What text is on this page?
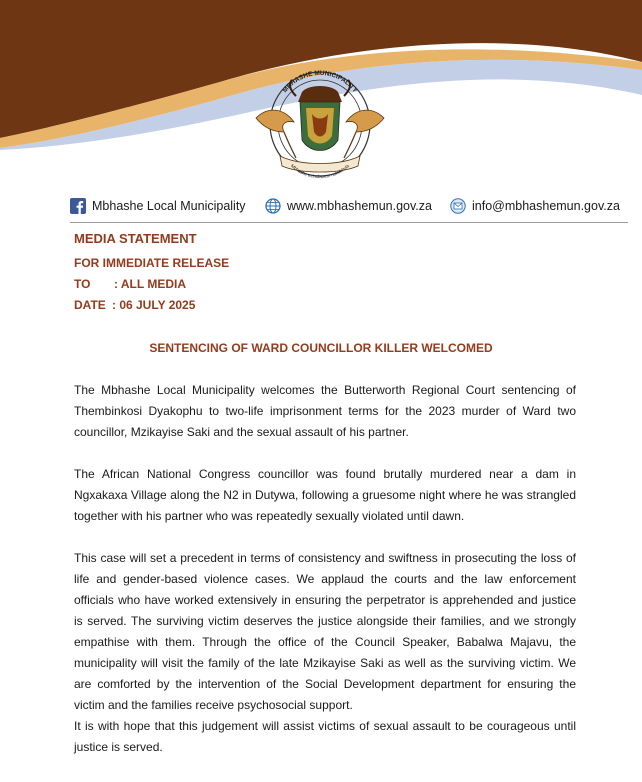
MBHASHE MUNICIPALITY
Mbhashe ezindlaneni nokukhula
Mbhashe Local Municipality	www.mbhashemun.gov.za	info@mbhashemun.gov.za
MEDIA STATEMENT

FOR IMMEDIATE RELEASE

TO : ALL MEDIA

DATE : 06 JULY 2025

SENTENCING OF WARD COUNCILLOR KILLER WELCOMED

The Mbhashe Local Municipality welcomes the Butterworth Regional Court sentencing of Thembinkosi Dyakophu to two-life imprisonment terms for the 2023 murder of Ward two councillor, Mzikayise Saki and the sexual assault of his partner.

The African National Congress councillor was found brutally murdered near a dam in Ngxakaxa Village along the N2 in Dutywa, following a gruesome night where he was strangled together with his partner who was repeatedly sexually violated until dawn.

This case will set a precedent in terms of consistency and swiftness in prosecuting the loss of life and gender-based violence cases. We applaud the courts and the law enforcement officials who have worked extensively in ensuring the perpetrator is apprehended and justice is served. The surviving victim deserves the justice alongside their families, and we strongly empathise with them. Through the office of the Council Speaker, Babalwa Majavu, the municipality will visit the family of the late Mzikayise Saki as well as the surviving victim. We are comforted by the intervention of the Social Development department for ensuring the victim and the families receive psychosocial support.

It is with hope that this judgement will assist victims of sexual assault to be courageous until justice is served.
